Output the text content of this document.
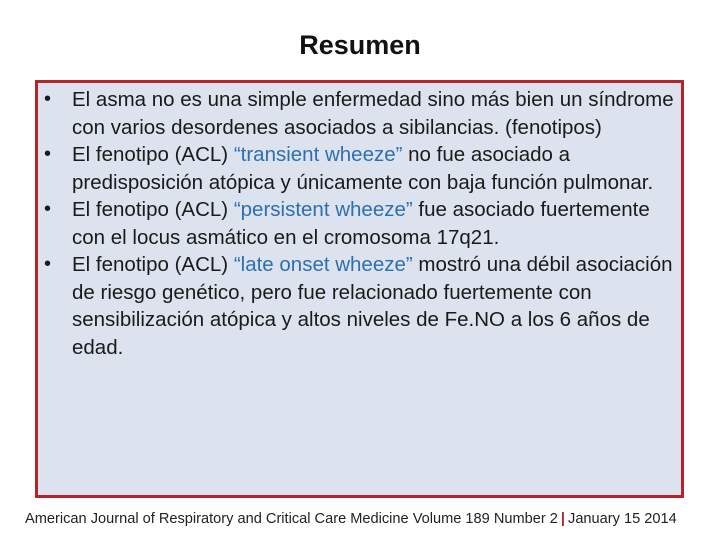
Resumen
• El asma no es una simple enfermedad sino más bien un síndrome con varios desordenes asociados a sibilancias. (fenotipos)
• El fenotipo (ACL) “transient wheeze” no fue asociado a predisposición atópica y únicamente con baja función pulmonar.
• El fenotipo (ACL) “persistent wheeze” fue asociado fuertemente con el locus asmático en el cromosoma 17q21.
• El fenotipo (ACL) “late onset wheeze” mostró una débil asociación de riesgo genético, pero fue relacionado fuertemente con sensibilización atópica y altos niveles de Fe.NO a los 6 años de edad.
American Journal of Respiratory and Critical Care Medicine Volume 189 Number 2 | January 15 2014
